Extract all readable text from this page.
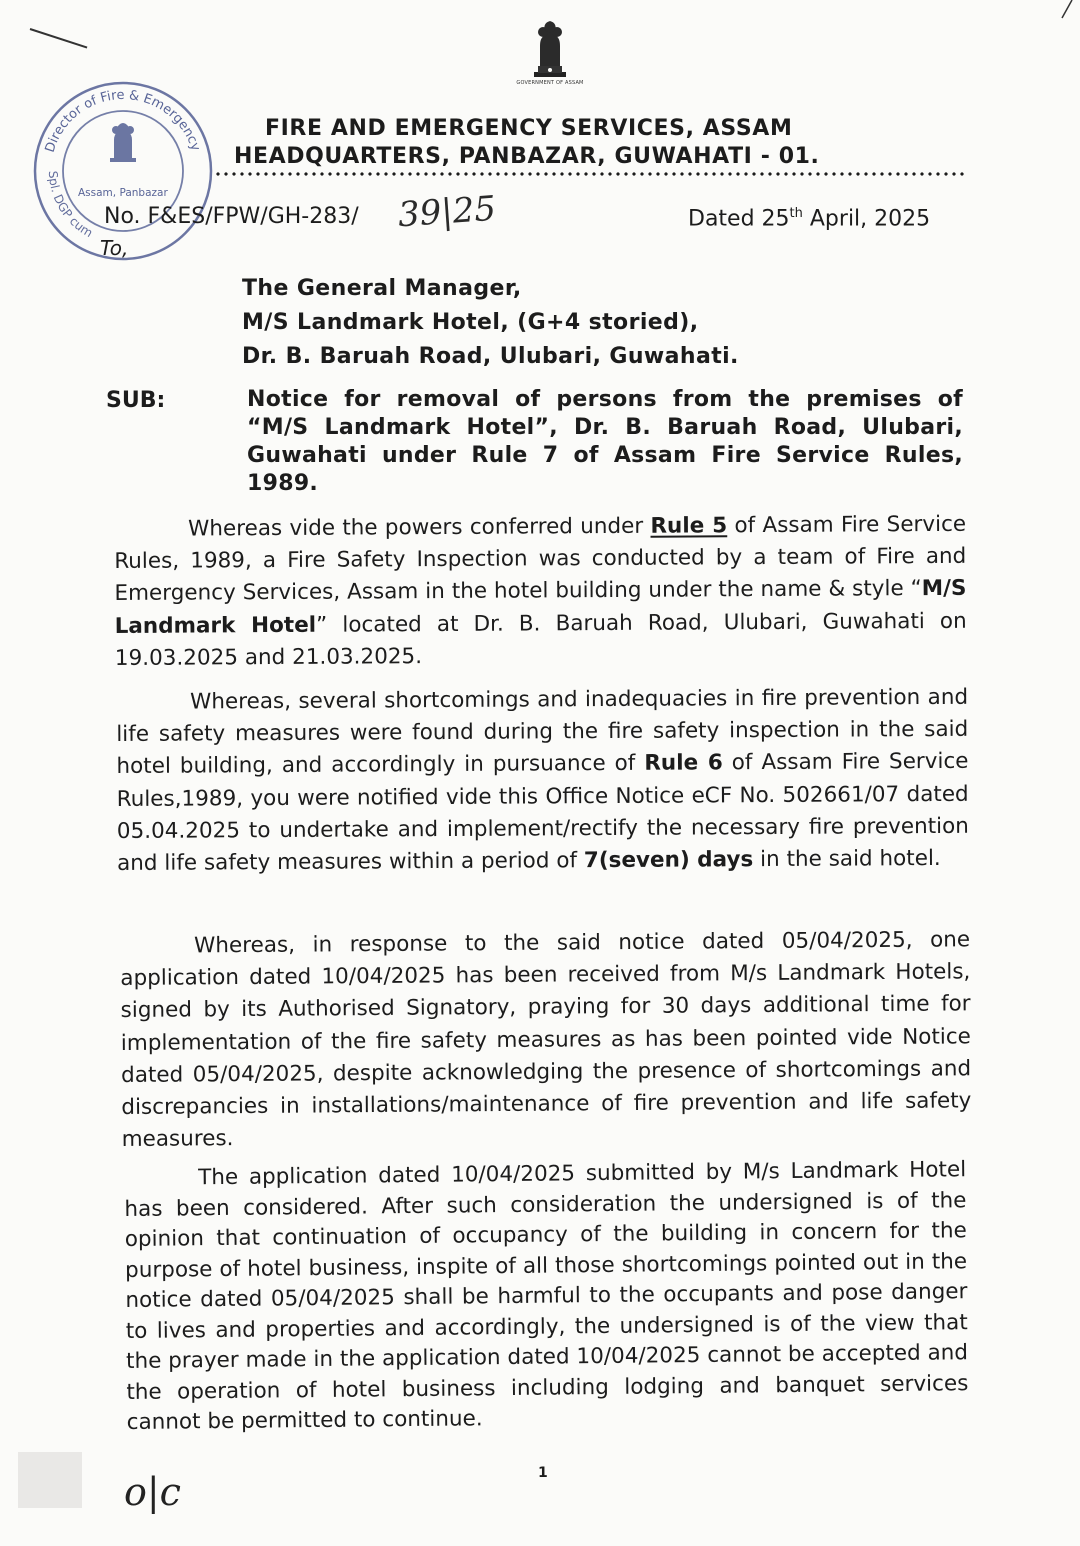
GOVERNMENT OF ASSAM
Director of Fire & Emergency
Spl. DGP cum
Assam, Panbazar
FIRE AND EMERGENCY SERVICES, ASSAM
HEADQUARTERS, PANBAZAR, GUWAHATI - 01.
No. F&ES/FPW/GH-283/ 39|25	Dated 25th April, 2025
To,
The General Manager,
M/S Landmark Hotel, (G+4 storied),
Dr. B. Baruah Road, Ulubari, Guwahati.
SUB:	Notice for removal of persons from the premises of “M/S Landmark Hotel”, Dr. B. Baruah Road, Ulubari, Guwahati under Rule 7 of Assam Fire Service Rules, 1989.
Whereas vide the powers conferred under Rule 5 of Assam Fire Service Rules, 1989, a Fire Safety Inspection was conducted by a team of Fire and Emergency Services, Assam in the hotel building under the name & style “M/S Landmark Hotel” located at Dr. B. Baruah Road, Ulubari, Guwahati on 19.03.2025 and 21.03.2025.
Whereas, several shortcomings and inadequacies in fire prevention and life safety measures were found during the fire safety inspection in the said hotel building, and accordingly in pursuance of Rule 6 of Assam Fire Service Rules,1989, you were notified vide this Office Notice eCF No. 502661/07 dated 05.04.2025 to undertake and implement/rectify the necessary fire prevention and life safety measures within a period of 7(seven) days in the said hotel.
Whereas, in response to the said notice dated 05/04/2025, one application dated 10/04/2025 has been received from M/s Landmark Hotels, signed by its Authorised Signatory, praying for 30 days additional time for implementation of the fire safety measures as has been pointed vide Notice dated 05/04/2025, despite acknowledging the presence of shortcomings and discrepancies in installations/maintenance of fire prevention and life safety measures.
The application dated 10/04/2025 submitted by M/s Landmark Hotel has been considered. After such consideration the undersigned is of the opinion that continuation of occupancy of the building in concern for the purpose of hotel business, inspite of all those shortcomings pointed out in the notice dated 05/04/2025 shall be harmful to the occupants and pose danger to lives and properties and accordingly, the undersigned is of the view that the prayer made in the application dated 10/04/2025 cannot be accepted and the operation of hotel business including lodging and banquet services cannot be permitted to continue.
o|c	1
